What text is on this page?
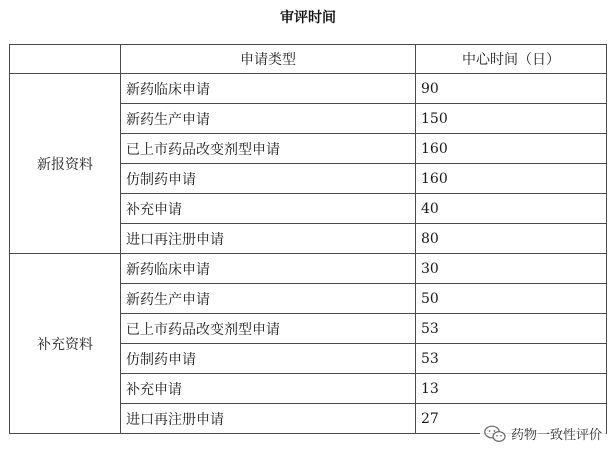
审评时间
	申请类型	中心时间（日）
新报资料	新药临床申请	90
	新药生产申请	150
	已上市药品改变剂型申请	160
	仿制药申请	160
	补充申请	40
	进口再注册申请	80
补充资料	新药临床申请	30
	新药生产申请	50
	已上市药品改变剂型申请	53
	仿制药申请	53
	补充申请	13
	进口再注册申请	27
药物一致性评价
